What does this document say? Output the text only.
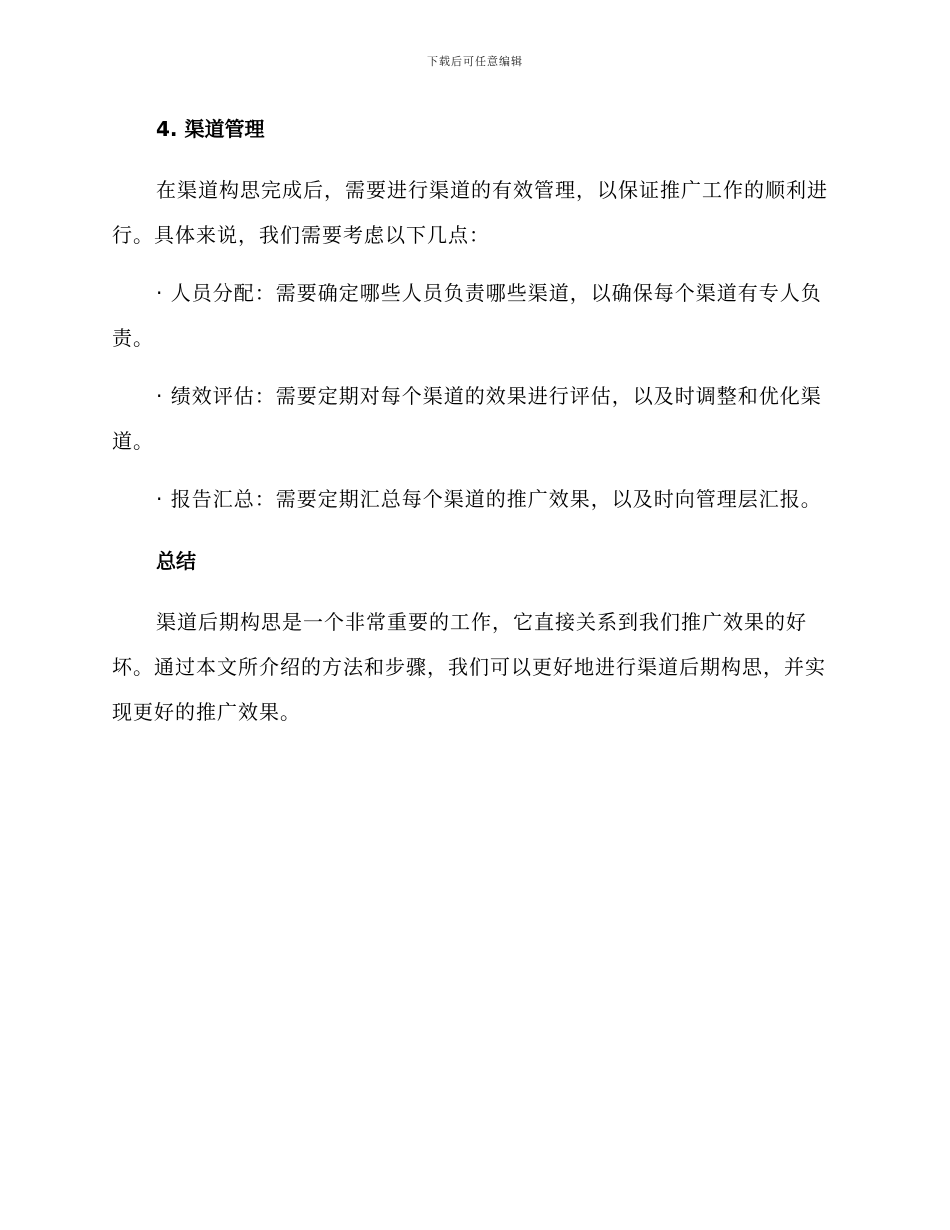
下载后可任意编辑
4. 渠道管理

在渠道构思完成后，需要进行渠道的有效管理，以保证推广工作的顺利进行。具体来说，我们需要考虑以下几点：

· 人员分配：需要确定哪些人员负责哪些渠道，以确保每个渠道有专人负责。

· 绩效评估：需要定期对每个渠道的效果进行评估，以及时调整和优化渠道。

· 报告汇总：需要定期汇总每个渠道的推广效果，以及时向管理层汇报。

总结

渠道后期构思是一个非常重要的工作，它直接关系到我们推广效果的好坏。通过本文所介绍的方法和步骤，我们可以更好地进行渠道后期构思，并实现更好的推广效果。
